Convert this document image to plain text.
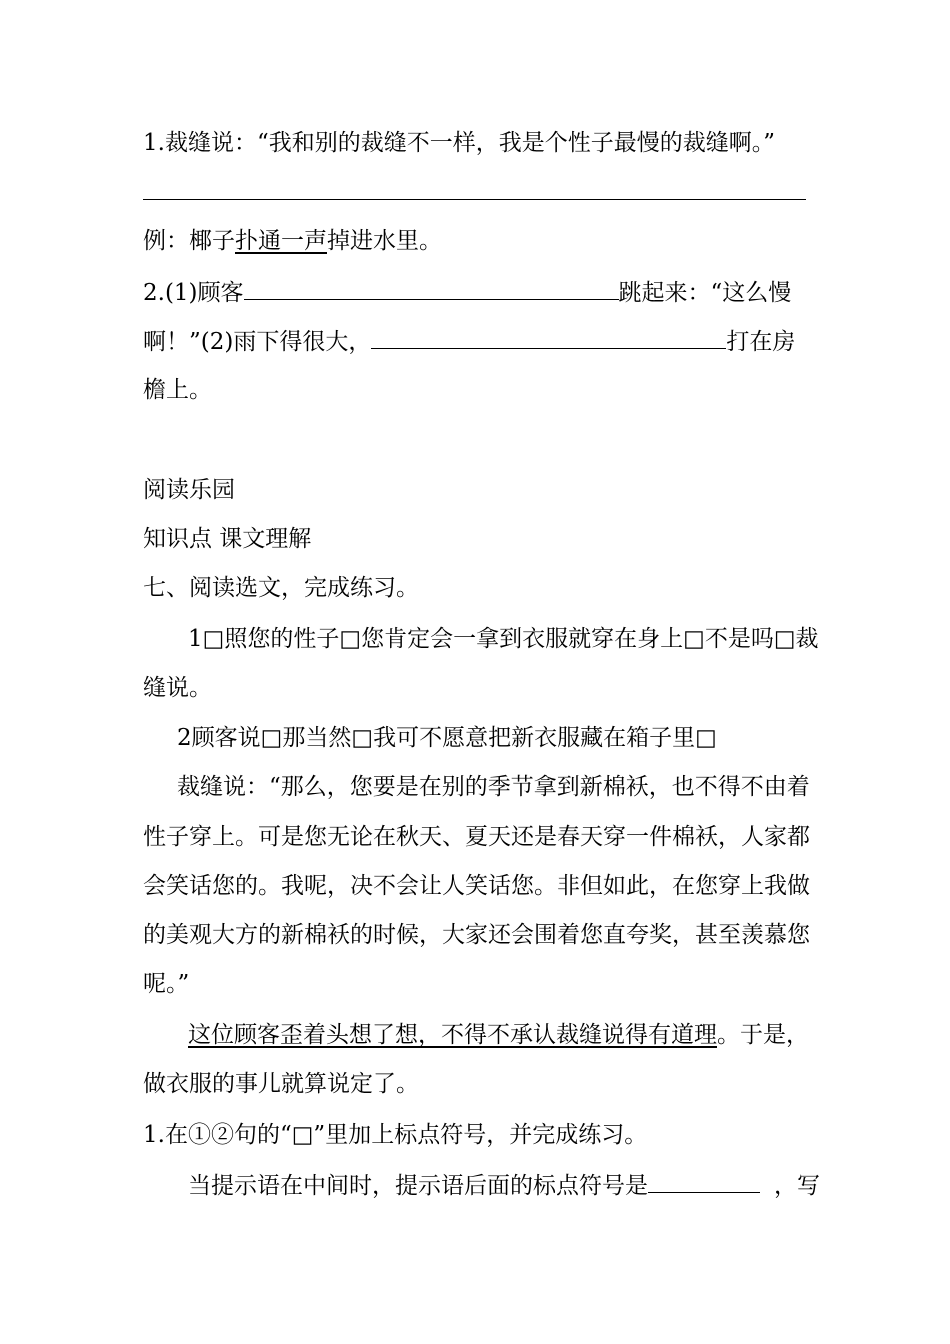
1.裁缝说：“我和别的裁缝不一样，我是个性子最慢的裁缝啊。”
例：椰子扑通一声掉进水里。
2.(1)顾客	跳起来：“这么慢
啊！”(2)雨下得很大，	打在房
檐上。
阅读乐园
知识点 课文理解
七、阅读选文，完成练习。
1□照您的性子□您肯定会一拿到衣服就穿在身上□不是吗□裁
缝说。
2顾客说□那当然□我可不愿意把新衣服藏在箱子里□
裁缝说：“那么，您要是在别的季节拿到新棉袄，也不得不由着
性子穿上。可是您无论在秋天、夏天还是春天穿一件棉袄，人家都
会笑话您的。我呢，决不会让人笑话您。非但如此，在您穿上我做
的美观大方的新棉袄的时候，大家还会围着您直夸奖，甚至羡慕您
呢。”
这位顾客歪着头想了想，不得不承认裁缝说得有道理。于是，
做衣服的事儿就算说定了。
1.在①②句的“□”里加上标点符号，并完成练习。
当提示语在中间时，提示语后面的标点符号是	，写
